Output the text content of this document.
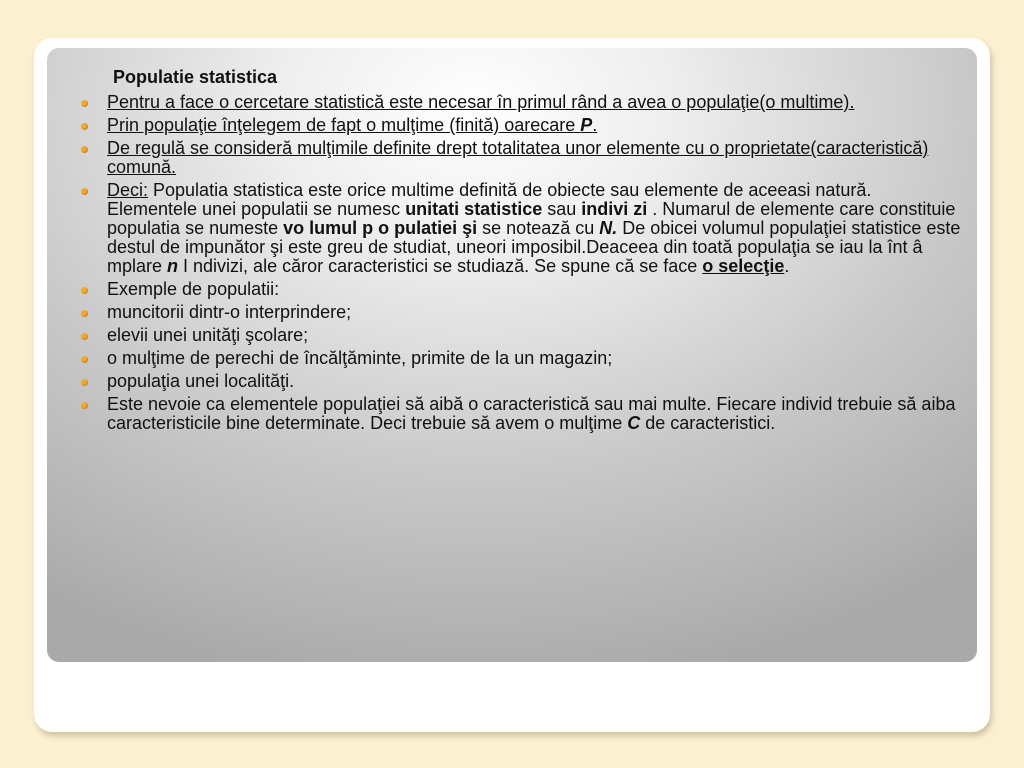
Populatie statistica
Pentru a face o cercetare statistică este necesar în primul rând a avea o populaţie(o multime).
Prin populaţie înţelegem de fapt o mulţime (finită) oarecare P.
De regulă se consideră mulţimile definite drept totalitatea unor elemente cu o proprietate(caracteristică) comună.
Deci: Populatia statistica este orice multime definită de obiecte sau elemente de aceeasi natură. Elementele unei populatii se numesc unitati statistice sau indivi zi . Numarul de elemente care constituie populatia se numeste vo lumul p o pulatiei şi se notează cu N. De obicei volumul populaţiei statistice este destul de impunător şi este greu de studiat, uneori imposibil.Deaceea din toată populaţia se iau la înt â mplare n I ndivizi, ale căror caracteristici se studiază. Se spune că se face o selecţie.
Exemple de populatii:
muncitorii dintr-o interprindere;
elevii unei unităţi şcolare;
o mulţime de perechi de încălţăminte, primite de la un magazin;
populaţia unei localităţi.
Este nevoie ca elementele populaţiei să aibă o caracteristică sau mai multe. Fiecare individ trebuie să aiba caracteristicile bine determinate. Deci trebuie să avem o mulţime C de caracteristici.
